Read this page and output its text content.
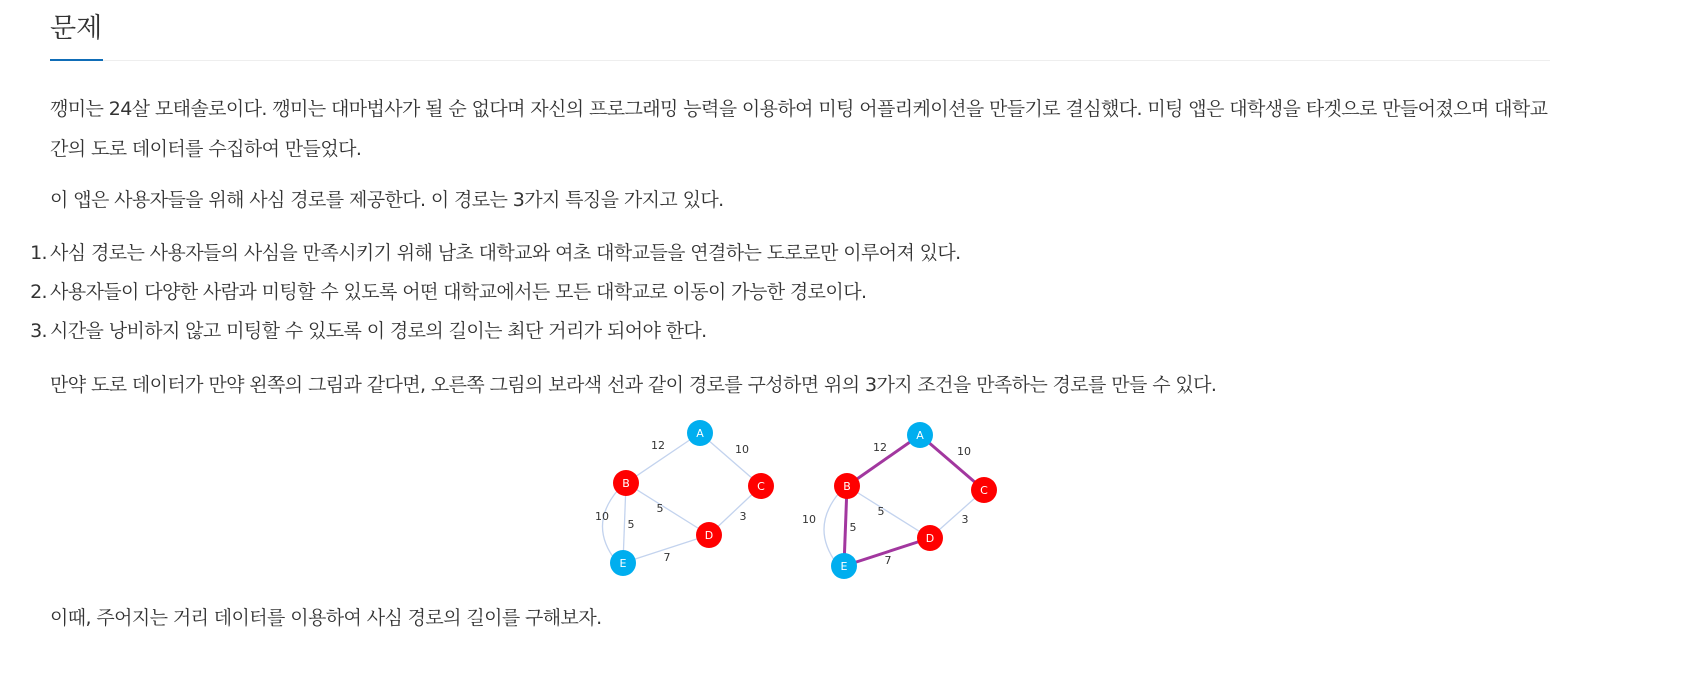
문제

깽미는 24살 모태솔로이다. 깽미는 대마법사가 될 순 없다며 자신의 프로그래밍 능력을 이용하여 미팅 어플리케이션을 만들기로 결심했다. 미팅 앱은 대학생을 타겟으로 만들어졌으며 대학교간의 도로 데이터를 수집하여 만들었다.

이 앱은 사용자들을 위해 사심 경로를 제공한다. 이 경로는 3가지 특징을 가지고 있다.

1. 사심 경로는 사용자들의 사심을 만족시키기 위해 남초 대학교와 여초 대학교들을 연결하는 도로로만 이루어져 있다.
2. 사용자들이 다양한 사람과 미팅할 수 있도록 어떤 대학교에서든 모든 대학교로 이동이 가능한 경로이다.
3. 시간을 낭비하지 않고 미팅할 수 있도록 이 경로의 길이는 최단 거리가 되어야 한다.

만약 도로 데이터가 만약 왼쪽의 그림과 같다면, 오른쪽 그림의 보라색 선과 같이 경로를 구성하면 위의 3가지 조건을 만족하는 경로를 만들 수 있다.

12	10
5
10
5
3
7
A
B	C
D
E
12	10
5
10
5
3
7
A
B	C
D
E

이때, 주어지는 거리 데이터를 이용하여 사심 경로의 길이를 구해보자.
